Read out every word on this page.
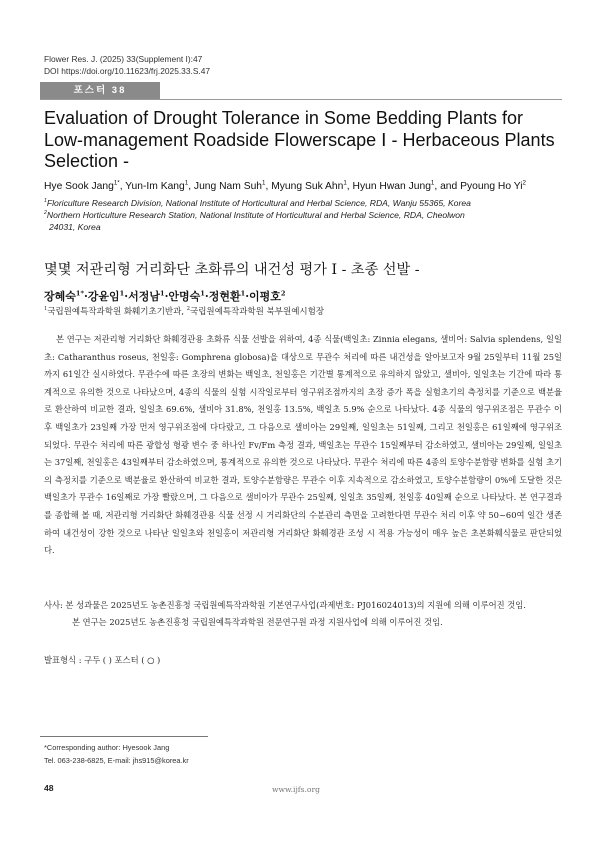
Flower Res. J. (2025) 33(Supplement I):47
DOI https://doi.org/10.11623/frj.2025.33.S.47
포스터 38
Evaluation of Drought Tolerance in Some Bedding Plants for
Low-management Roadside Flowerscape Ⅰ - Herbaceous Plants
Selection -
Hye Sook Jang$^{1*}$, Yun-Im Kang$^1$, Jung Nam Suh$^1$, Myung Suk Ahn$^1$, Hyun Hwan Jung$^1$, and Pyoung Ho Yi$^2$
$^1$Floriculture Research Division, National Institute of Horticultural and Herbal Science, RDA, Wanju 55365, Korea
$^2$Northern Horticulture Research Station, National Institute of Horticultural and Herbal Science, RDA, Cheolwon
24031, Korea
몇몇 저관리형 거리화단 초화류의 내건성 평가 Ⅰ - 초종 선발 -
장혜숙$^{1*}$·강윤임$^1$·서정남$^1$·안명숙$^1$·정현환$^1$·이평호$^2$
$^1$국립원예특작과학원 화훼기초기반과, $^2$국립원예특작과학원 북부원예시험장

본 연구는 저관리형 거리화단 화훼경관용 초화류 식물 선발을 위하여, 4종 식물(백일초: Zinnia elegans, 샐비어: Salvia splendens, 일일초: Catharanthus roseus, 천일홍: Gomphrena globosa)을 대상으로 무관수 처리에 따른 내건성을 알아보고자 9월 25일부터 11월 25일까지 61일간 실시하였다. 무관수에 따른 초장의 변화는 백일초, 천일홍은 기간별 통계적으로 유의하지 않았고, 샐비아, 일일초는 기간에 따라 통계적으로 유의한 것으로 나타났으며, 4종의 식물의 실험 시작일로부터 영구위조점까지의 초장 증가 폭을 실험초기의 측정치를 기준으로 백분율로 환산하여 비교한 결과, 일일초 69.6%, 샐비아 31.8%, 천일홍 13.5%, 백일초 5.9% 순으로 나타났다. 4종 식물의 영구위조점은 무관수 이후 백일초가 23일째 가장 먼저 영구위조점에 다다랐고, 그 다음으로 샐비아는 29일째, 일일초는 51일째, 그리고 천일홍은 61일째에 영구위조 되었다. 무관수 처리에 따른 광합성 형광 변수 중 하나인 Fv/Fm 측정 결과, 백일초는 무관수 15일째부터 감소하였고, 샐비아는 29일째, 일일초는 37일째, 천일홍은 43일째부터 감소하였으며, 통계적으로 유의한 것으로 나타났다. 무관수 처리에 따른 4종의 토양수분함량 변화를 실험 초기의 측정치를 기준으로 백분율로 환산하여 비교한 결과, 토양수분함량은 무관수 이후 지속적으로 감소하였고, 토양수분함량이 0%에 도달한 것은 백일초가 무관수 16일째로 가장 빨랐으며, 그 다음으로 샐비아가 무관수 25일째, 일일초 35일째, 천일홍 40일째 순으로 나타났다. 본 연구결과를 종합해 볼 때, 저관리형 거리화단 화훼경관용 식물 선정 시 거리화단의 수분관리 측면을 고려한다면 무관수 처리 이후 약 50~60여 일간 생존하여 내건성이 강한 것으로 나타난 일일초와 천일홍이 저관리형 거리화단 화훼경관 조성 시 적용 가능성이 매우 높은 초본화훼식물로 판단되었다.

사사: 본 성과물은 2025년도 농촌진흥청 국립원예특작과학원 기본연구사업(과제번호: PJ016024013)의 지원에 의해 이루어진 것임.
본 연구는 2025년도 농촌진흥청 국립원예특작과학원 전문연구원 과정 지원사업에 의해 이루어진 것임.
발표형식 : 구두 ( ) 포스터 ( ○ )
*Corresponding author: Hyesook Jang
Tel. 063-238-6825, E-mail: jhs915@korea.kr
48	www.ijfs.org
